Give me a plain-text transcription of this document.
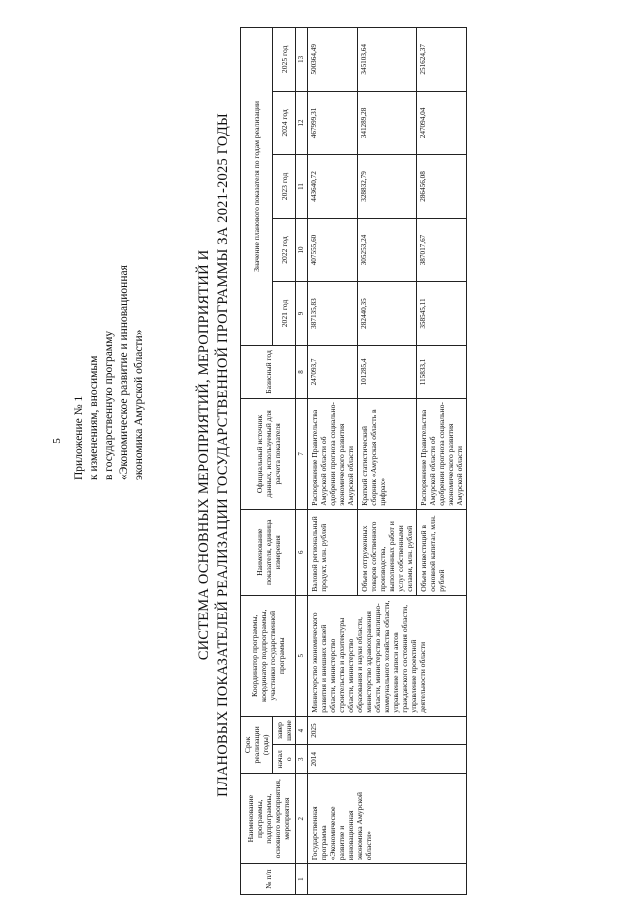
5 Приложение № 1 к изменениям, вносимым в государственную программу «Экономическое развитие и инновационная экономика Амурской области»	СИСТЕМА ОСНОВНЫХ МЕРОПРИЯТИЙ, МЕРОПРИЯТИЙ И ПЛАНОВЫХ ПОКАЗАТЕЛЕЙ РЕАЛИЗАЦИИ ГОСУДАРСТВЕННОЙ ПРОГРАММЫ ЗА 2021-2025 ГОДЫ
№ п/п	Наименование программы, подпрограммы, основного мероприятия, мероприятия	Срок реализации (годы)		Координатор программы, координатор подпрограммы, участники государственной программы	Наименование показателя, единица измерения	Официальный источник данных, используемый для расчета показателя	Базисный год	Значение планового показателя по годам реализации				
		начало	завершение					2021 год	2022 год	2023 год	2024 год	2025 год
1	2	3	4	5	6	7	8	9	10	11	12	13
	Государственная программа «Экономическое развитие и инновационная экономика Амурской области»	2014	2025	Министерство экономического развития и внешних связей области, министерство строительства и архитектуры области, министерство образования и науки области, министерство здравоохранения области, министерство жилищно-коммунального хозяйства области, управление записи актов гражданского состояния области, управление проектной деятельности области	Валовой региональный продукт, млн. рублей	Распоряжение Правительства Амурской области об одобрении прогноза социально-экономического развития Амурской области	247093,7	387135,83	407555,60	443640,72	467999,31	500364,49
					Объем отгруженных товаров собственного производства, выполненных работ и услуг собственными силами, млн. рублей	Краткий статистический сборник «Амурская область в цифрах»	101285,4	282440,35	305253,24	328832,79	341289,28	345103,64
					Объем инвестиций в основной капитал, млн. рублей	Распоряжение Правительства Амурской области об одобрении прогноза социально-экономического развития Амурской области	115833,1	358545,11	387017,67	286456,08	247094,04	251624,37
